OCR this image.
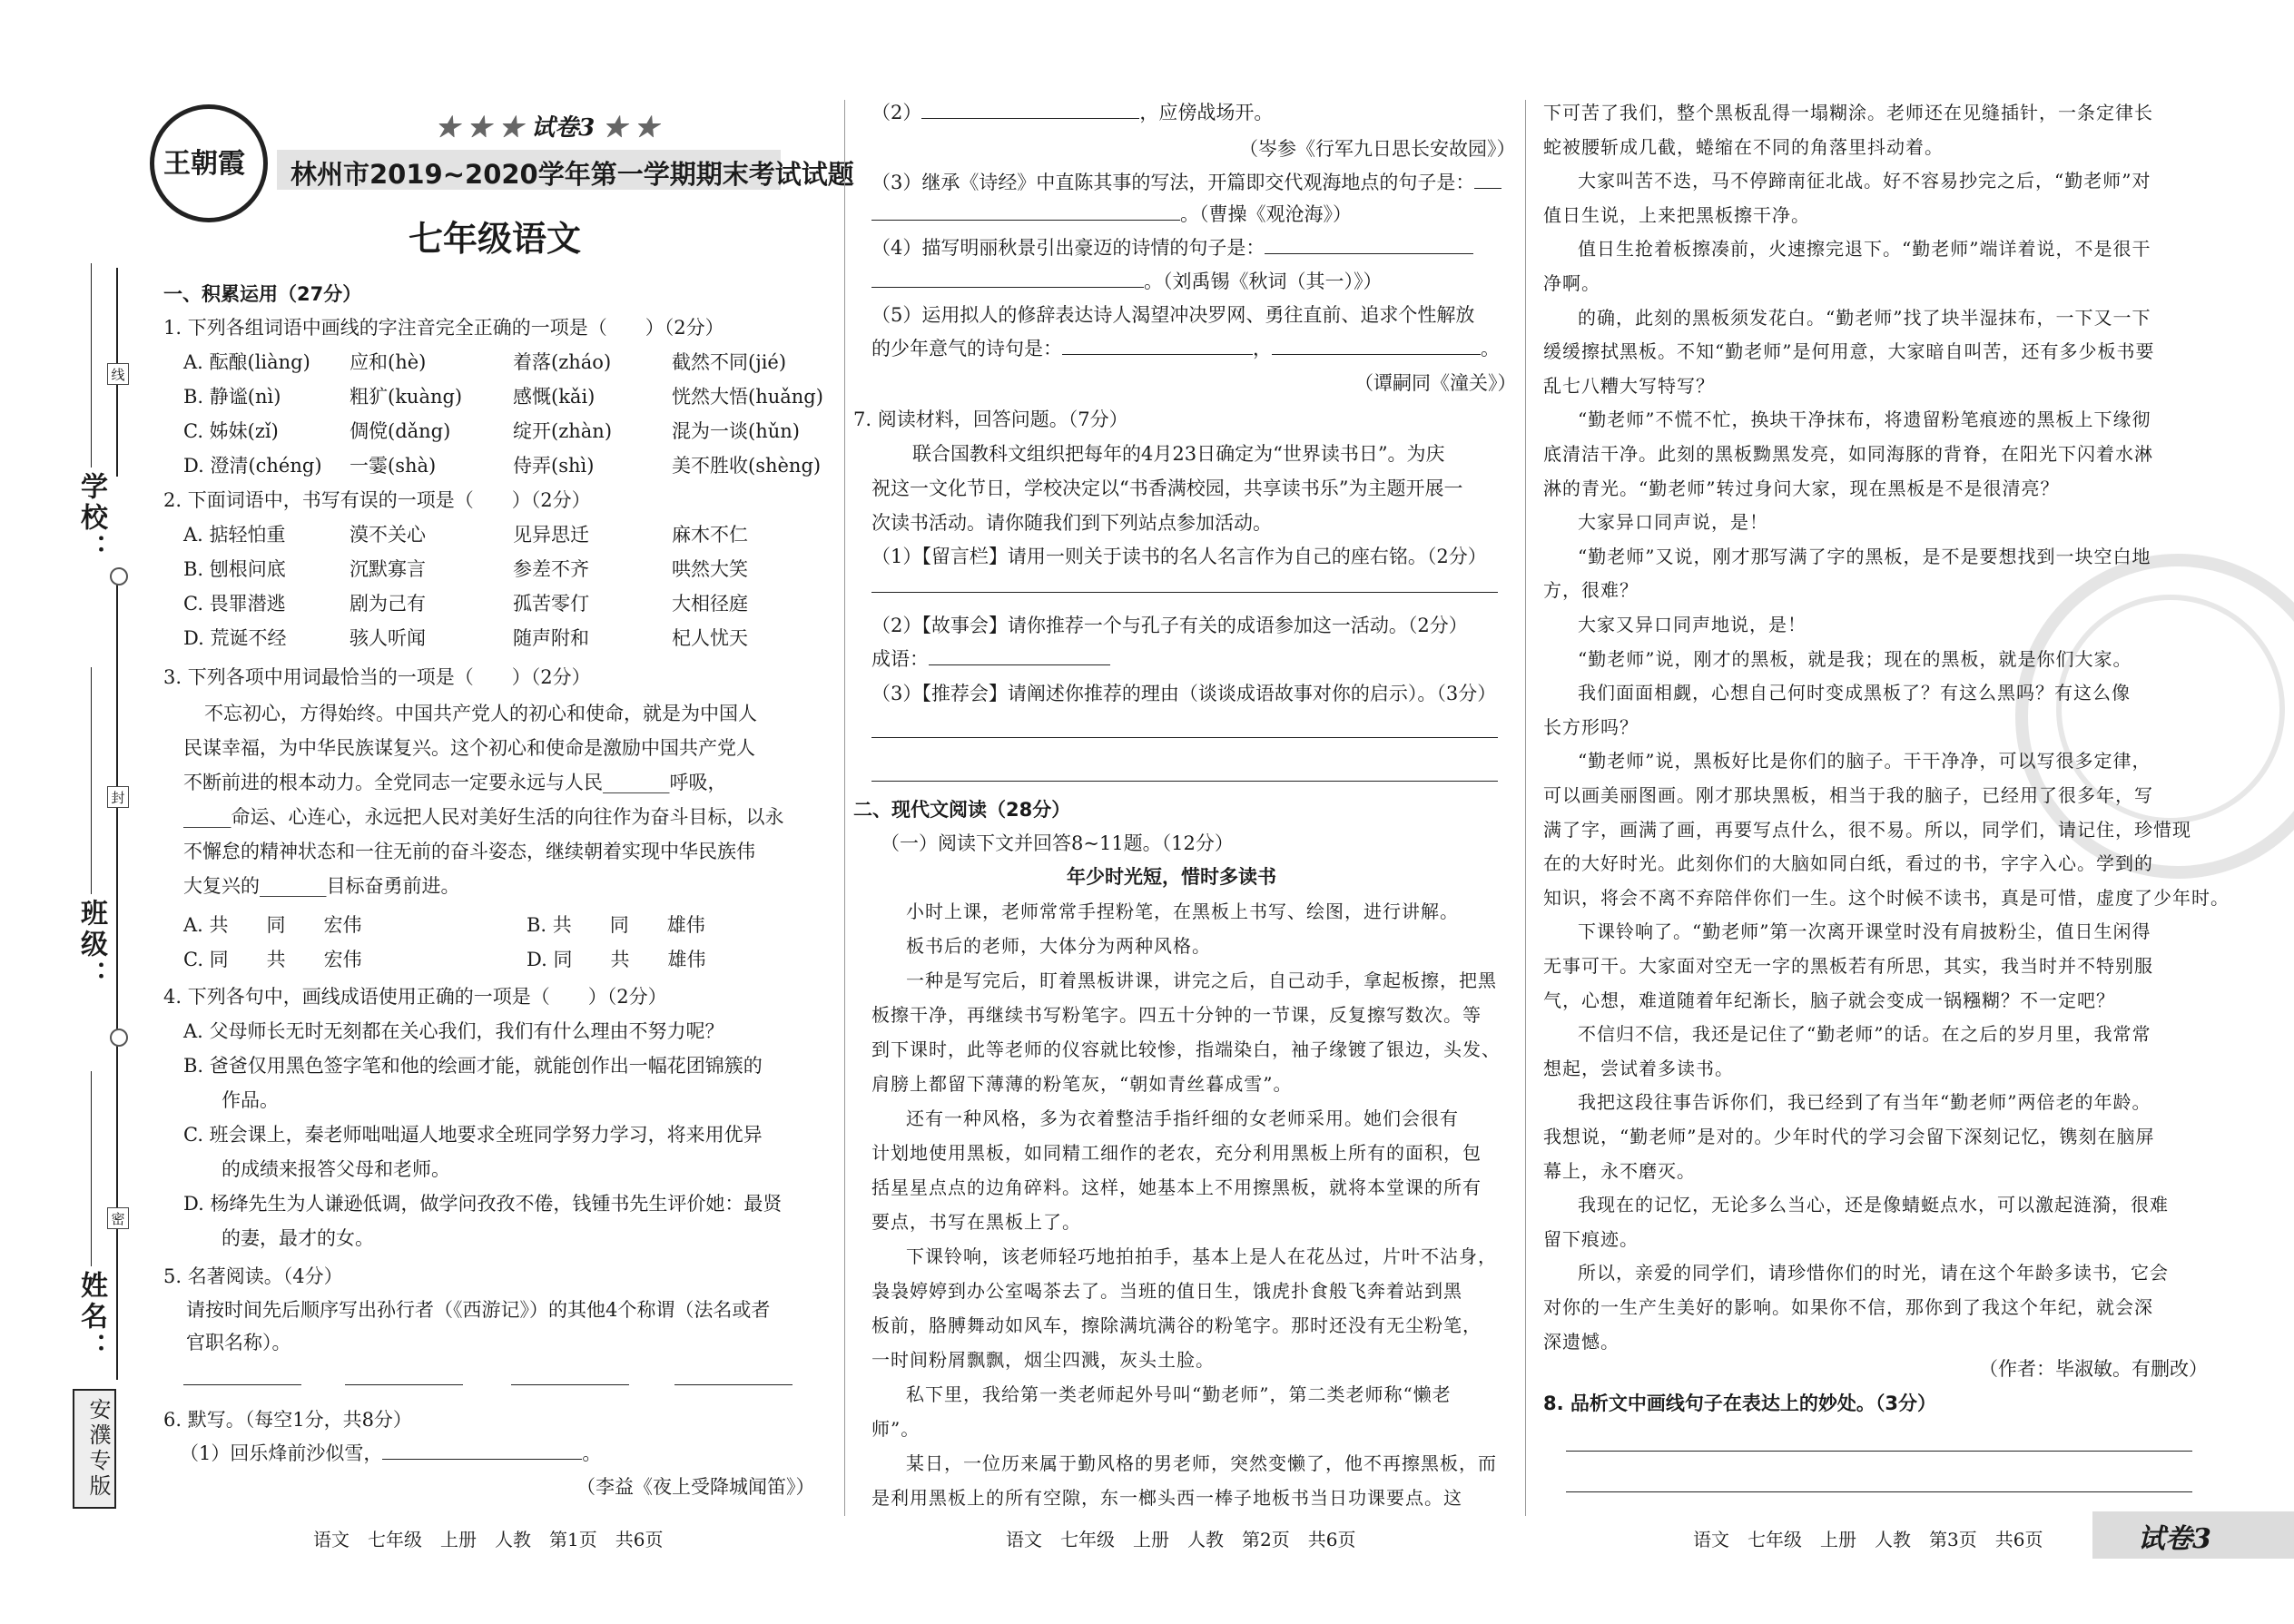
线
封
密
学校：
班级：
姓名：
安濮专版
王朝霞
★ ★ ★ 试卷3 ★ ★
林州市2019~2020学年第一学期期末考试试题
七年级语文
一、积累运用（27分）
1. 下列各组词语中画线的字注音完全正确的一项是（　　）（2分）
A. 酝酿(liàng) 应和(hè)	着落(zháo)	截然不同(jié)
B. 静谧(nì)	粗犷(kuàng)	感慨(kǎi)	恍然大悟(huǎng)
C. 姊妹(zǐ)	倜傥(dǎng)	绽开(zhàn)	混为一谈(hǔn)
D. 澄清(chéng) 一霎(shà)	侍弄(shì)	美不胜收(shèng)
2. 下面词语中，书写有误的一项是（　　）（2分）
A. 掂轻怕重	漠不关心	见异思迁	麻木不仁
B. 刨根问底	沉默寡言	参差不齐	哄然大笑
C. 畏罪潜逃	剧为己有	孤苦零仃	大相径庭
D. 荒诞不经	骇人听闻	随声附和	杞人忧天
3. 下列各项中用词最恰当的一项是（　　）（2分）
不忘初心，方得始终。中国共产党人的初心和使命，就是为中国人
民谋幸福，为中华民族谋复兴。这个初心和使命是激励中国共产党人
不断前进的根本动力。全党同志一定要永远与人民_______呼吸，
_____命运、心连心，永远把人民对美好生活的向往作为奋斗目标，以永
不懈怠的精神状态和一往无前的奋斗姿态，继续朝着实现中华民族伟
大复兴的_______目标奋勇前进。
A. 共　　同　　宏伟	B. 共　　同　　雄伟
C. 同　　共　　宏伟	D. 同　　共　　雄伟
4. 下列各句中，画线成语使用正确的一项是（　　）（2分）
A. 父母师长无时无刻都在关心我们，我们有什么理由不努力呢？
B. 爸爸仅用黑色签字笔和他的绘画才能，就能创作出一幅花团锦簇的
　　作品。
C. 班会课上，秦老师咄咄逼人地要求全班同学努力学习，将来用优异
　　的成绩来报答父母和老师。
D. 杨绛先生为人谦逊低调，做学问孜孜不倦，钱锺书先生评价她：最贤
　　的妻，最才的女。
5. 名著阅读。（4分）
请按时间先后顺序写出孙行者（《西游记》）的其他4个称谓（法名或者
官职名称）。
6. 默写。（每空1分，共8分）
（1）回乐烽前沙似雪，	。
（李益《夜上受降城闻笛》）
语文　七年级　上册　人教　第1页　共6页
（2）	，应傍战场开。
（岑参《行军九日思长安故园》）
（3）继承《诗经》中直陈其事的写法，开篇即交代观海地点的句子是：
。（曹操《观沧海》）
（4）描写明丽秋景引出豪迈的诗情的句子是：
。（刘禹锡《秋词（其一）》）
（5）运用拟人的修辞表达诗人渴望冲决罗网、勇往直前、追求个性解放
的少年意气的诗句是：	，	。
（谭嗣同《潼关》）
7. 阅读材料，回答问题。（7分）
联合国教科文组织把每年的4月23日确定为“世界读书日”。为庆
祝这一文化节日，学校决定以“书香满校园，共享读书乐”为主题开展一
次读书活动。请你随我们到下列站点参加活动。
（1）【留言栏】请用一则关于读书的名人名言作为自己的座右铭。（2分）
（2）【故事会】请你推荐一个与孔子有关的成语参加这一活动。（2分）
成语：
（3）【推荐会】请阐述你推荐的理由（谈谈成语故事对你的启示）。（3分）
二、现代文阅读（28分）
（一）阅读下文并回答8~11题。（12分）
年少时光短，惜时多读书
小时上课，老师常常手捏粉笔，在黑板上书写、绘图，进行讲解。
板书后的老师，大体分为两种风格。
一种是写完后，盯着黑板讲课，讲完之后，自己动手，拿起板擦，把黑
板擦干净，再继续书写粉笔字。四五十分钟的一节课，反复擦写数次。等
到下课时，此等老师的仪容就比较惨，指端染白，袖子缘镀了银边，头发、
肩膀上都留下薄薄的粉笔灰，“朝如青丝暮成雪”。
还有一种风格，多为衣着整洁手指纤细的女老师采用。她们会很有
计划地使用黑板，如同精工细作的老农，充分利用黑板上所有的面积，包
括星星点点的边角碎料。这样，她基本上不用擦黑板，就将本堂课的所有
要点，书写在黑板上了。
下课铃响，该老师轻巧地拍拍手，基本上是人在花丛过，片叶不沾身，
袅袅婷婷到办公室喝茶去了。当班的值日生，饿虎扑食般飞奔着站到黑
板前，胳膊舞动如风车，擦除满坑满谷的粉笔字。那时还没有无尘粉笔，
一时间粉屑飘飘，烟尘四溅，灰头土脸。
私下里，我给第一类老师起外号叫“勤老师”，第二类老师称“懒老
师”。
某日，一位历来属于勤风格的男老师，突然变懒了，他不再擦黑板，而
是利用黑板上的所有空隙，东一榔头西一棒子地板书当日功课要点。这
语文　七年级　上册　人教　第2页　共6页
下可苦了我们，整个黑板乱得一塌糊涂。老师还在见缝插针，一条定律长
蛇被腰斩成几截，蜷缩在不同的角落里抖动着。
大家叫苦不迭，马不停蹄南征北战。好不容易抄完之后，“勤老师”对
值日生说，上来把黑板擦干净。
值日生抢着板擦凑前，火速擦完退下。“勤老师”端详着说，不是很干
净啊。
的确，此刻的黑板须发花白。“勤老师”找了块半湿抹布，一下又一下
缓缓擦拭黑板。不知“勤老师”是何用意，大家暗自叫苦，还有多少板书要
乱七八糟大写特写？
“勤老师”不慌不忙，换块干净抹布，将遗留粉笔痕迹的黑板上下缘彻
底清洁干净。此刻的黑板黝黑发亮，如同海豚的背脊，在阳光下闪着水淋
淋的青光。“勤老师”转过身问大家，现在黑板是不是很清亮？
大家异口同声说，是！
“勤老师”又说，刚才那写满了字的黑板，是不是要想找到一块空白地
方，很难？
大家又异口同声地说，是！
“勤老师”说，刚才的黑板，就是我；现在的黑板，就是你们大家。
我们面面相觑，心想自己何时变成黑板了？有这么黑吗？有这么像
长方形吗？
“勤老师”说，黑板好比是你们的脑子。干干净净，可以写很多定律，
可以画美丽图画。刚才那块黑板，相当于我的脑子，已经用了很多年，写
满了字，画满了画，再要写点什么，很不易。所以，同学们，请记住，珍惜现
在的大好时光。此刻你们的大脑如同白纸，看过的书，字字入心。学到的
知识，将会不离不弃陪伴你们一生。这个时候不读书，真是可惜，虚度了少年时。
下课铃响了。“勤老师”第一次离开课堂时没有肩披粉尘，值日生闲得
无事可干。大家面对空无一字的黑板若有所思，其实，我当时并不特别服
气，心想，难道随着年纪渐长，脑子就会变成一锅糨糊？不一定吧？
不信归不信，我还是记住了“勤老师”的话。在之后的岁月里，我常常
想起，尝试着多读书。
我把这段往事告诉你们，我已经到了有当年“勤老师”两倍老的年龄。
我想说，“勤老师”是对的。少年时代的学习会留下深刻记忆，镌刻在脑屏
幕上，永不磨灭。
我现在的记忆，无论多么当心，还是像蜻蜓点水，可以激起涟漪，很难
留下痕迹。
所以，亲爱的同学们，请珍惜你们的时光，请在这个年龄多读书，它会
对你的一生产生美好的影响。如果你不信，那你到了我这个年纪，就会深
深遗憾。
（作者：毕淑敏。有删改）
8. 品析文中画线句子在表达上的妙处。（3分）
语文　七年级　上册　人教　第3页　共6页	试卷3
